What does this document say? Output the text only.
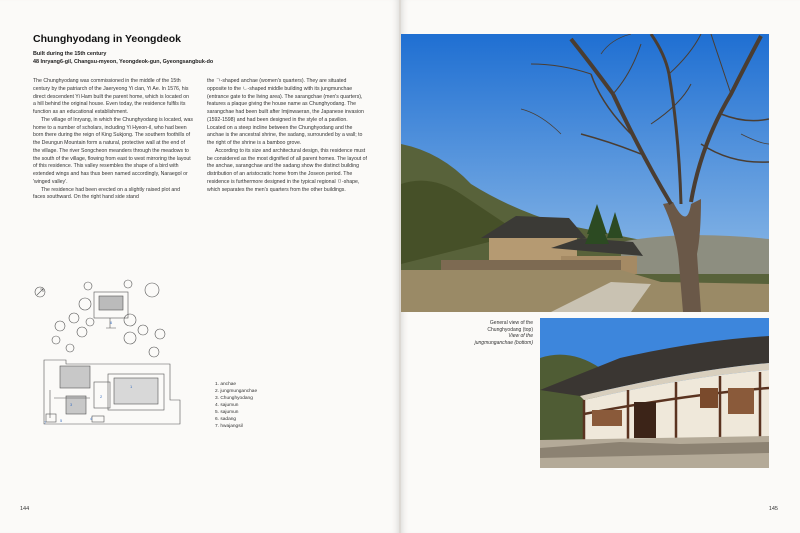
Chunghyodang in Yeongdeok
Built during the 15th century
48 Inryang6-gil, Changsu-myeon, Yeongdeok-gun, Gyeongsangbuk-do

The Chunghyodang was commissioned in the middle of the 15th century by the patriarch of the Jaeryeong Yi clan, Yi Ae. In 1576, his direct descendent Yi Ham built the parent home, which is located on a hill behind the original house. Even today, the residence fulfils its function as an educational establishment.

The village of Inryang, in which the Chunghyodang is located, was home to a number of scholars, including Yi Hyeon-il, who had been born there during the reign of King Sukjong. The southern foothills of the Deungun Mountain form a natural, protective wall at the end of the village. The river Songcheon meanders through the meadows to the south of the village, flowing from east to west mirroring the layout of this residence. This valley resembles the shape of a bird with extended wings and has thus been named accordingly, Naraegol or 'winged valley'.

The residence had been erected on a slightly raised plot and faces southward. On the right hand side stand

the ㄱ-shaped anchae (women's quarters). They are situated opposite to the ㄴ-shaped middle building with its jungmunchae (entrance gate to the living area). The sarangchae (men's quarters), features a plaque giving the house name as Chunghyodang. The sarangchae had been built after Imjinwaeran, the Japanese invasion (1592-1598) and had been designed in the style of a pavilion. Located on a steep incline between the Chunghyodang and the anchae is the ancestral shrine, the sadang, surrounded by a wall; to the right of the shrine is a bamboo grove.

According to its size and architectural design, this residence must be considered as the most dignified of all parent homes. The layout of the anchae, sarangchae and the sadang show the distinct building distribution of an aristocratic home from the Joseon period. The residence is furthermore designed in the typical regional ㅁ-shape, which separates the men's quarters from the other buildings.

6
1
2
3
4
5
7
1. anchae
2. jungmunganchae
3. Chunghyodang
4. sajumun
5. sajumun
6. sadang
7. hwajangsil
144
General view of the
Chunghyodang (top)
View of the
jungmunganchae (bottom)
145
